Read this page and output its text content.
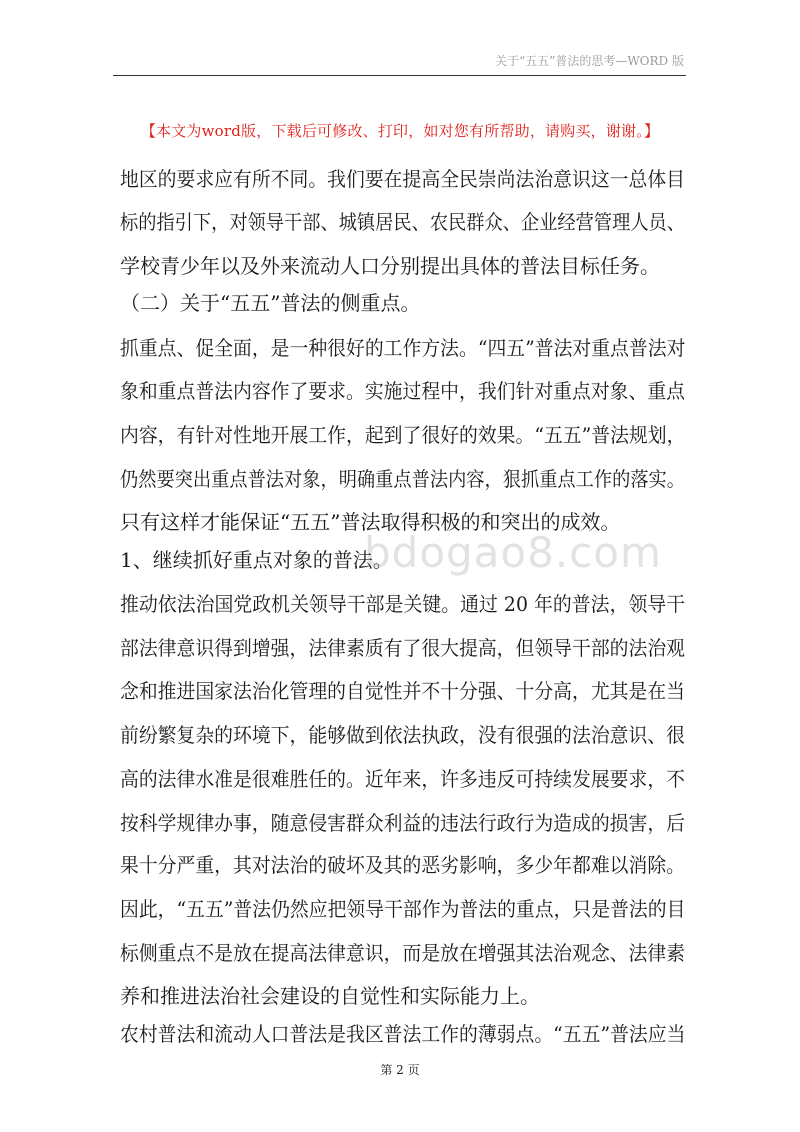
关于“五五”普法的思考—WORD 版
【本文为word版，下载后可修改、打印，如对您有所帮助，请购买，谢谢。】
地区的要求应有所不同。我们要在提高全民崇尚法治意识这一总体目
标的指引下，对领导干部、城镇居民、农民群众、企业经营管理人员、
学校青少年以及外来流动人口分别提出具体的普法目标任务。
（二）关于“五五”普法的侧重点。
抓重点、促全面，是一种很好的工作方法。“四五”普法对重点普法对
象和重点普法内容作了要求。实施过程中，我们针对重点对象、重点
内容，有针对性地开展工作，起到了很好的效果。“五五”普法规划，
仍然要突出重点普法对象，明确重点普法内容，狠抓重点工作的落实。
只有这样才能保证“五五”普法取得积极的和突出的成效。
1、继续抓好重点对象的普法。
推动依法治国党政机关领导干部是关键。通过 20 年的普法，领导干
部法律意识得到增强，法律素质有了很大提高，但领导干部的法治观
念和推进国家法治化管理的自觉性并不十分强、十分高，尤其是在当
前纷繁复杂的环境下，能够做到依法执政，没有很强的法治意识、很
高的法律水准是很难胜任的。近年来，许多违反可持续发展要求，不
按科学规律办事，随意侵害群众利益的违法行政行为造成的损害，后
果十分严重，其对法治的破坏及其的恶劣影响，多少年都难以消除。
因此，“五五”普法仍然应把领导干部作为普法的重点，只是普法的目
标侧重点不是放在提高法律意识，而是放在增强其法治观念、法律素
养和推进法治社会建设的自觉性和实际能力上。
农村普法和流动人口普法是我区普法工作的薄弱点。“五五”普法应当
bdogao8.com
第 2 页
